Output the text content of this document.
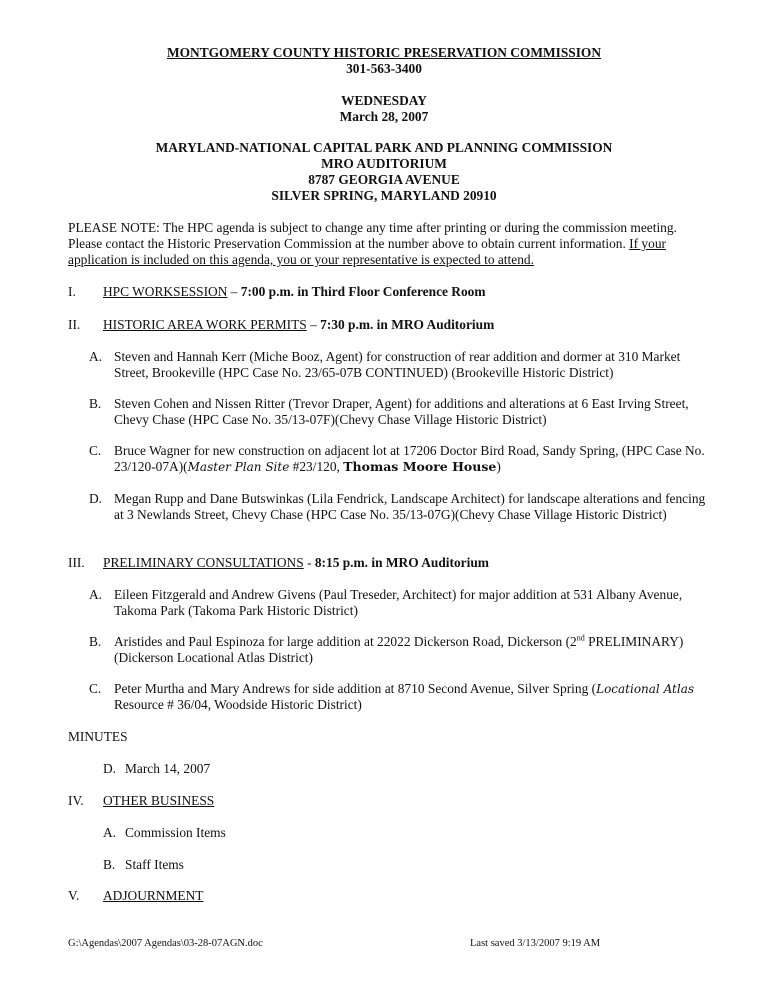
MONTGOMERY COUNTY HISTORIC PRESERVATION COMMISSION
301-563-3400
WEDNESDAY
March 28, 2007
MARYLAND-NATIONAL CAPITAL PARK AND PLANNING COMMISSION
MRO AUDITORIUM
8787 GEORGIA AVENUE
SILVER SPRING, MARYLAND 20910
PLEASE NOTE: The HPC agenda is subject to change any time after printing or during the commission meeting. Please contact the Historic Preservation Commission at the number above to obtain current information. If your application is included on this agenda, you or your representative is expected to attend.
I. HPC WORKSESSION – 7:00 p.m. in Third Floor Conference Room
II. HISTORIC AREA WORK PERMITS – 7:30 p.m. in MRO Auditorium
A. Steven and Hannah Kerr (Miche Booz, Agent) for construction of rear addition and dormer at 310 Market Street, Brookeville (HPC Case No. 23/65-07B CONTINUED) (Brookeville Historic District)
B. Steven Cohen and Nissen Ritter (Trevor Draper, Agent) for additions and alterations at 6 East Irving Street, Chevy Chase (HPC Case No. 35/13-07F)(Chevy Chase Village Historic District)
C. Bruce Wagner for new construction on adjacent lot at 17206 Doctor Bird Road, Sandy Spring, (HPC Case No. 23/120-07A)(Master Plan Site #23/120, Thomas Moore House)
D. Megan Rupp and Dane Butswinkas (Lila Fendrick, Landscape Architect) for landscape alterations and fencing at 3 Newlands Street, Chevy Chase (HPC Case No. 35/13-07G)(Chevy Chase Village Historic District)
III. PRELIMINARY CONSULTATIONS - 8:15 p.m. in MRO Auditorium
A. Eileen Fitzgerald and Andrew Givens (Paul Treseder, Architect) for major addition at 531 Albany Avenue, Takoma Park (Takoma Park Historic District)
B. Aristides and Paul Espinoza for large addition at 22022 Dickerson Road, Dickerson (2nd PRELIMINARY) (Dickerson Locational Atlas District)
C. Peter Murtha and Mary Andrews for side addition at 8710 Second Avenue, Silver Spring (Locational Atlas Resource # 36/04, Woodside Historic District)
MINUTES
D. March 14, 2007
IV. OTHER BUSINESS
A. Commission Items
B. Staff Items
V. ADJOURNMENT
G:\Agendas\2007 Agendas\03-28-07AGN.doc	Last saved 3/13/2007 9:19 AM
